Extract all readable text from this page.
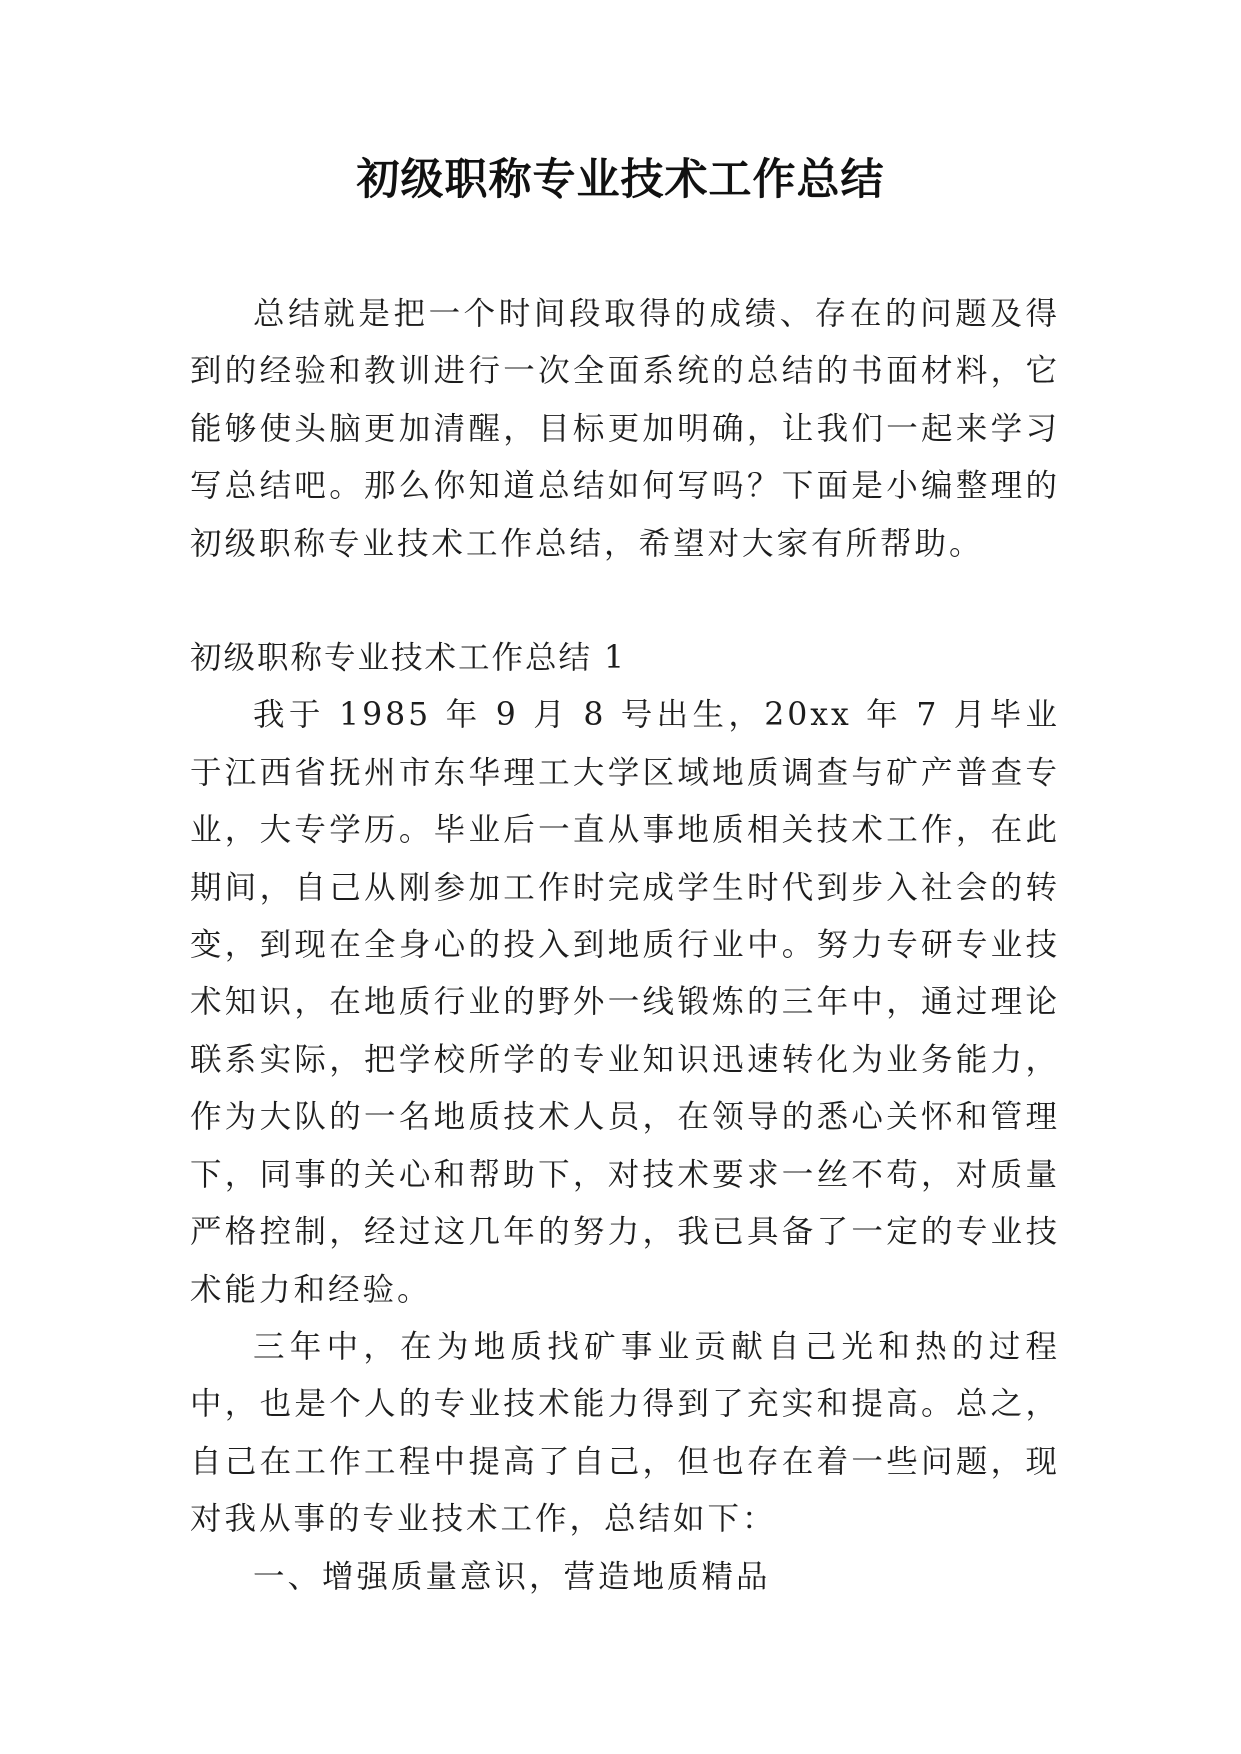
初级职称专业技术工作总结

总结就是把一个时间段取得的成绩、存在的问题及得到的经验和教训进行一次全面系统的总结的书面材料，它能够使头脑更加清醒，目标更加明确，让我们一起来学习写总结吧。那么你知道总结如何写吗？下面是小编整理的初级职称专业技术工作总结，希望对大家有所帮助。

初级职称专业技术工作总结 1

我于 1985 年 9 月 8 号出生，20xx 年 7 月毕业于江西省抚州市东华理工大学区域地质调查与矿产普查专业，大专学历。毕业后一直从事地质相关技术工作，在此期间，自己从刚参加工作时完成学生时代到步入社会的转变，到现在全身心的投入到地质行业中。努力专研专业技术知识，在地质行业的野外一线锻炼的三年中，通过理论联系实际，把学校所学的专业知识迅速转化为业务能力，作为大队的一名地质技术人员，在领导的悉心关怀和管理下，同事的关心和帮助下，对技术要求一丝不苟，对质量严格控制，经过这几年的努力，我已具备了一定的专业技术能力和经验。

三年中，在为地质找矿事业贡献自己光和热的过程中，也是个人的专业技术能力得到了充实和提高。总之，自己在工作工程中提高了自己，但也存在着一些问题，现对我从事的专业技术工作，总结如下：

一、增强质量意识，营造地质精品
